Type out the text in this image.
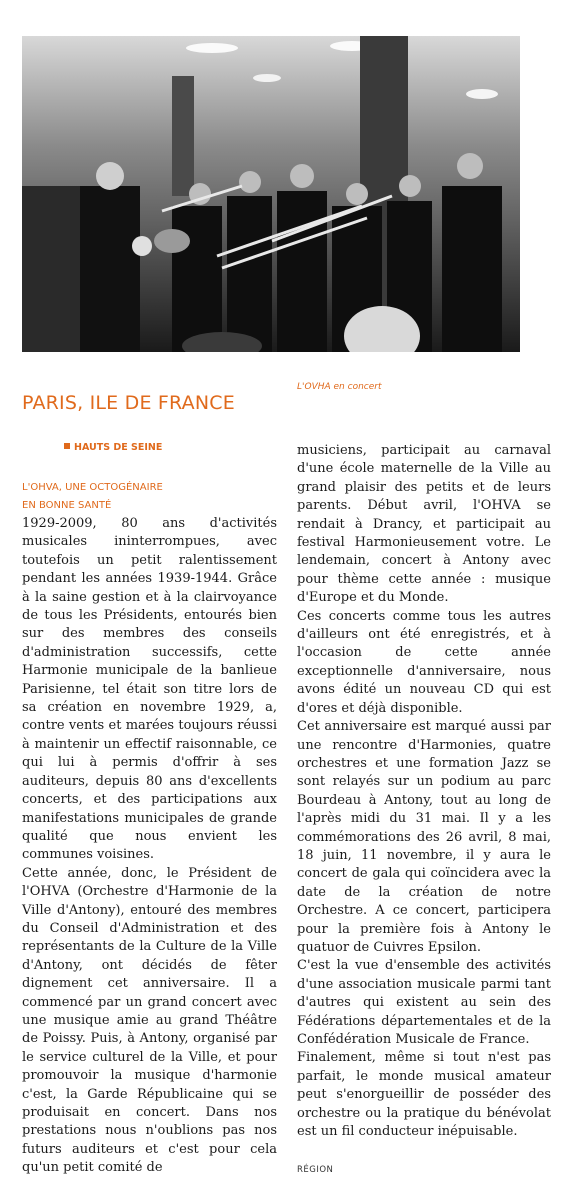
L'OVHA en concert
PARIS, ILE DE FRANCE
HAUTS DE SEINE
L'OHVA, UNE OCTOGÉNAIRE
EN BONNE SANTÉ

1929-2009, 80 ans d'activités musicales ininterrompues, avec toutefois un petit ralentissement pendant les années 1939-1944. Grâce à la saine gestion et à la clairvoyance de tous les Présidents, entourés bien sur des membres des conseils d'administration successifs, cette Harmonie municipale de la banlieue Parisienne, tel était son titre lors de sa création en novembre 1929, a, contre vents et marées toujours réussi à maintenir un effectif raisonnable, ce qui lui à permis d'offrir à ses auditeurs, depuis 80 ans d'excellents concerts, et des participations aux manifestations municipales de grande qualité que nous envient les communes voisines.

Cette année, donc, le Président de l'OHVA (Orchestre d'Harmonie de la Ville d'Antony), entouré des membres du Conseil d'Administration et des représentants de la Culture de la Ville d'Antony, ont décidés de fêter dignement cet anniversaire. Il a commencé par un grand concert avec une musique amie au grand Théâtre de Poissy. Puis, à Antony, organisé par le service culturel de la Ville, et pour promouvoir la musique d'harmonie c'est, la Garde Républicaine qui se produisait en concert. Dans nos prestations nous n'oublions pas nos futurs auditeurs et c'est pour cela qu'un petit comité de

musiciens, participait au carnaval d'une école maternelle de la Ville au grand plaisir des petits et de leurs parents. Début avril, l'OHVA se rendait à Drancy, et participait au festival Harmonieusement votre. Le lendemain, concert à Antony avec pour thème cette année : musique d'Europe et du Monde.

Ces concerts comme tous les autres d'ailleurs ont été enregistrés, et à l'occasion de cette année exceptionnelle d'anniversaire, nous avons édité un nouveau CD qui est d'ores et déjà disponible.

Cet anniversaire est marqué aussi par une rencontre d'Harmonies, quatre orchestres et une formation Jazz se sont relayés sur un podium au parc Bourdeau à Antony, tout au long de l'après midi du 31 mai. Il y a les commémorations des 26 avril, 8 mai, 18 juin, 11 novembre, il y aura le concert de gala qui coïncidera avec la date de la création de notre Orchestre. A ce concert, participera pour la première fois à Antony le quatuor de Cuivres Epsilon.

C'est la vue d'ensemble des activités d'une association musicale parmi tant d'autres qui existent au sein des Fédérations départementales et de la Confédération Musicale de France.

Finalement, même si tout n'est pas parfait, le monde musical amateur peut s'enorgueillir de posséder des orchestre ou la pratique du bénévolat est un fil conducteur inépuisable.

RÉGION
